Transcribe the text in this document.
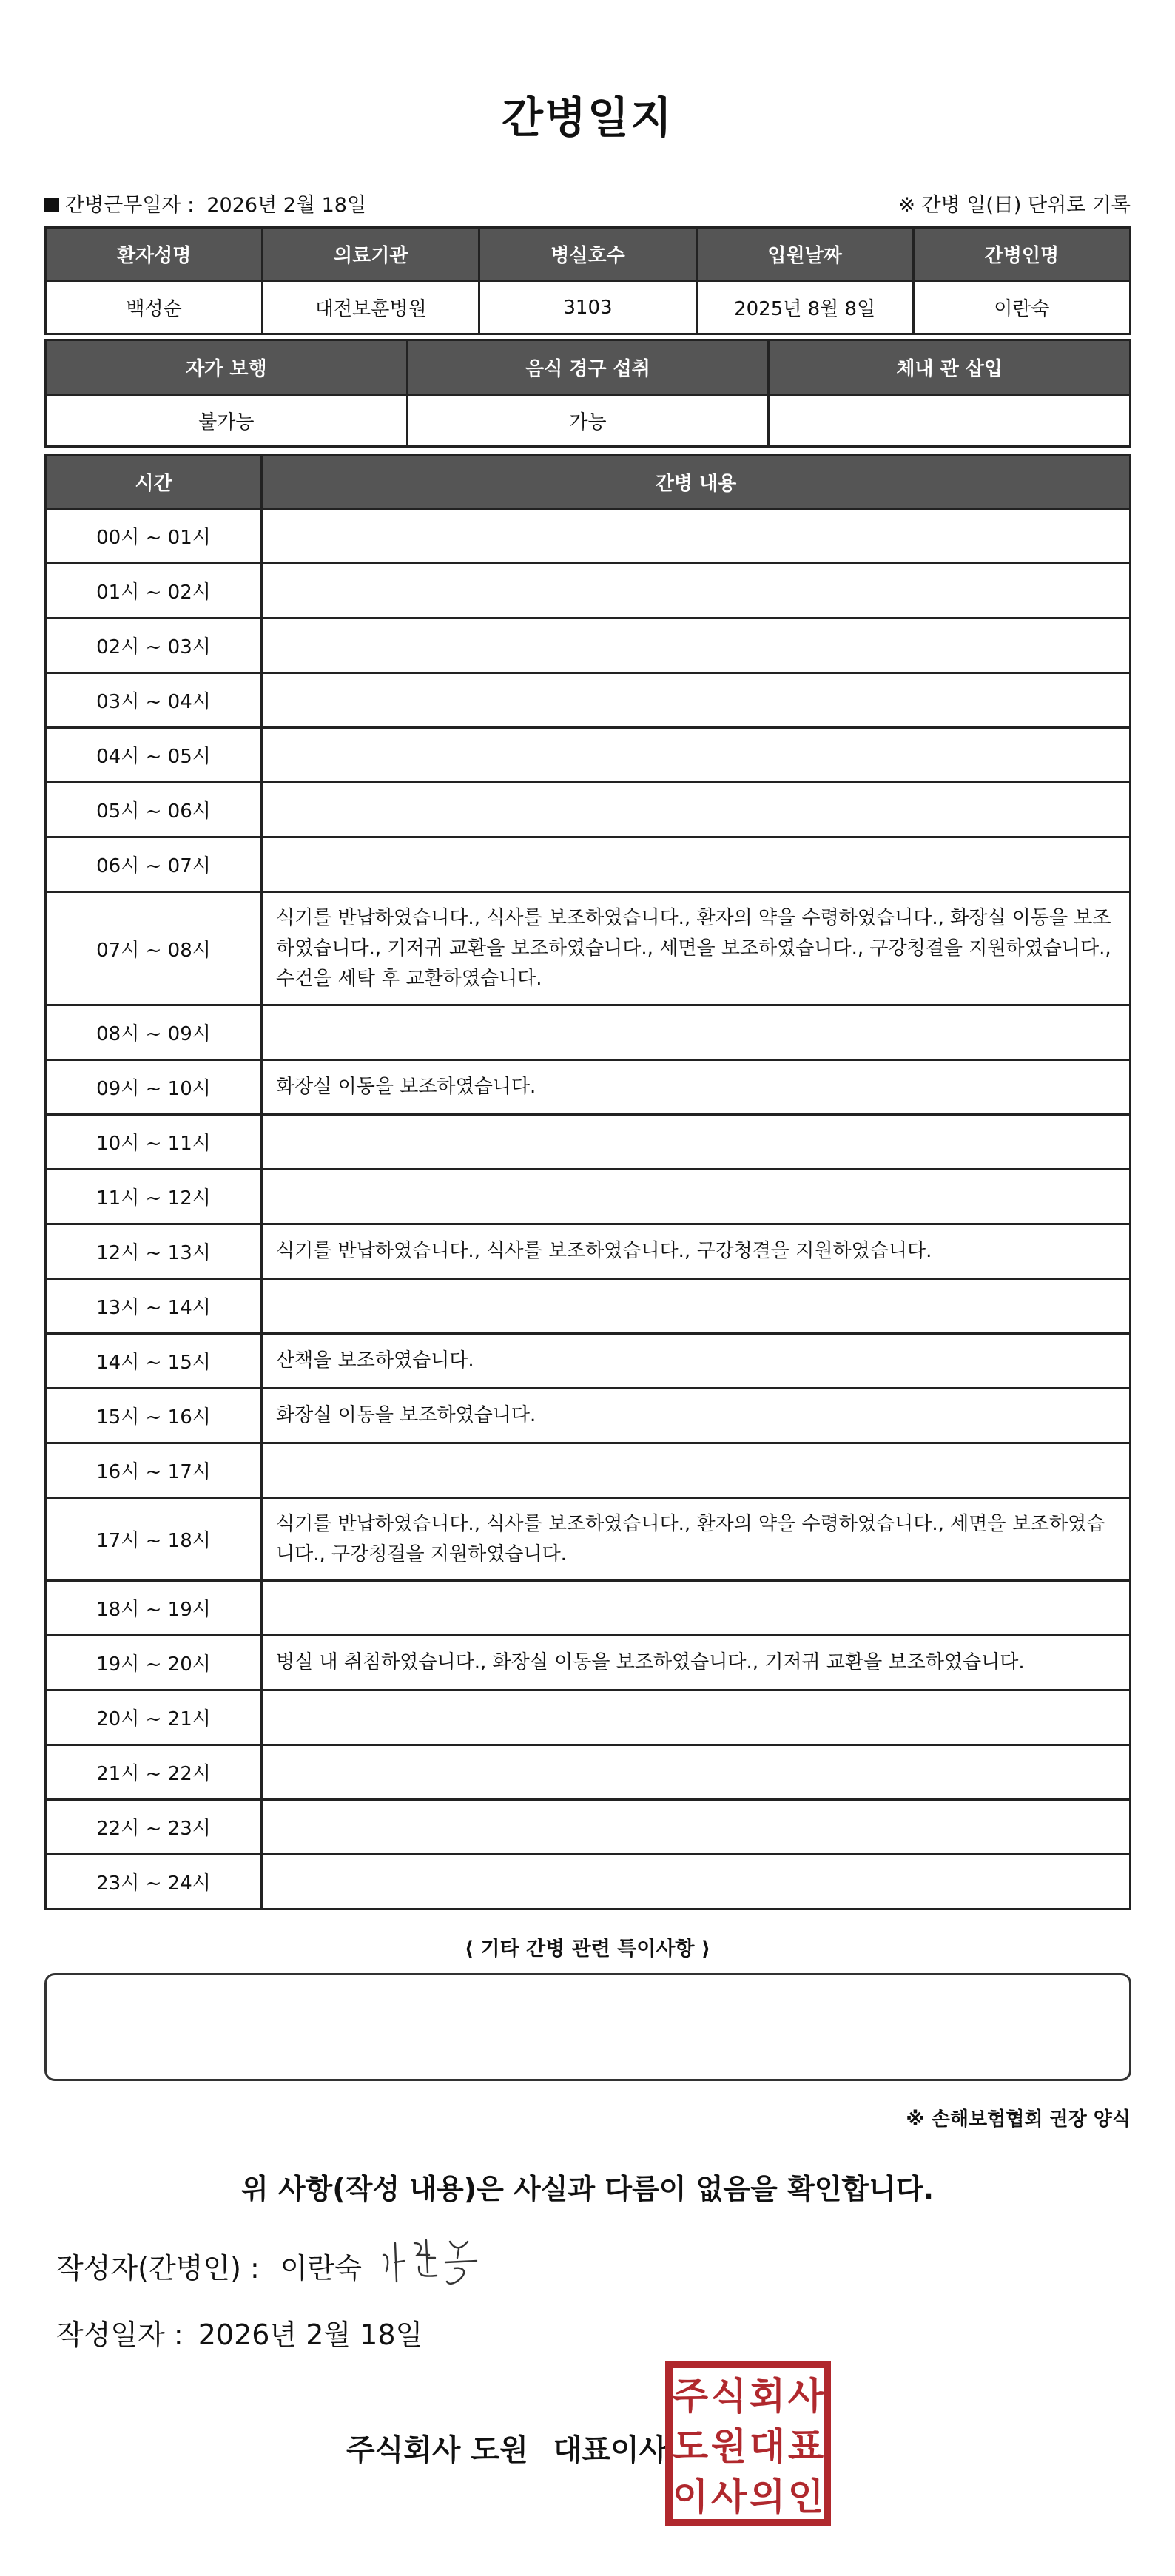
간병일지
간병근무일자 :  2026년 2월 18일	※ 간병 일(日) 단위로 기록
환자성명	의료기관	병실호수	입원날짜	간병인명
백성순	대전보훈병원	3103	2025년 8월 8일	이란숙
자가 보행	음식 경구 섭취	체내 관 삽입
불가능	가능	
시간	간병 내용
00시 ~ 01시	
01시 ~ 02시	
02시 ~ 03시	
03시 ~ 04시	
04시 ~ 05시	
05시 ~ 06시	
06시 ~ 07시	
07시 ~ 08시	식기를 반납하였습니다., 식사를 보조하였습니다., 환자의 약을 수령하였습니다., 화장실 이동을 보조하였습니다., 기저귀 교환을 보조하였습니다., 세면을 보조하였습니다., 구강청결을 지원하였습니다., 수건을 세탁 후 교환하였습니다.
08시 ~ 09시	
09시 ~ 10시	화장실 이동을 보조하였습니다.
10시 ~ 11시	
11시 ~ 12시	
12시 ~ 13시	식기를 반납하였습니다., 식사를 보조하였습니다., 구강청결을 지원하였습니다.
13시 ~ 14시	
14시 ~ 15시	산책을 보조하였습니다.
15시 ~ 16시	화장실 이동을 보조하였습니다.
16시 ~ 17시	
17시 ~ 18시	식기를 반납하였습니다., 식사를 보조하였습니다., 환자의 약을 수령하였습니다., 세면을 보조하였습니다., 구강청결을 지원하였습니다.
18시 ~ 19시	
19시 ~ 20시	병실 내 취침하였습니다., 화장실 이동을 보조하였습니다., 기저귀 교환을 보조하였습니다.
20시 ~ 21시	
21시 ~ 22시	
22시 ~ 23시	
23시 ~ 24시	
⟨ 기타 간병 관련 특이사항 ⟩
※ 손해보험협회 권장 양식
위 사항(작성 내용)은 사실과 다름이 없음을 확인합니다.
작성자(간병인) : 이란숙
작성일자 : 2026년 2월 18일
주식회사 도원 대표이사
주 식 회 사
도 원 대 표
이 사 의 인
